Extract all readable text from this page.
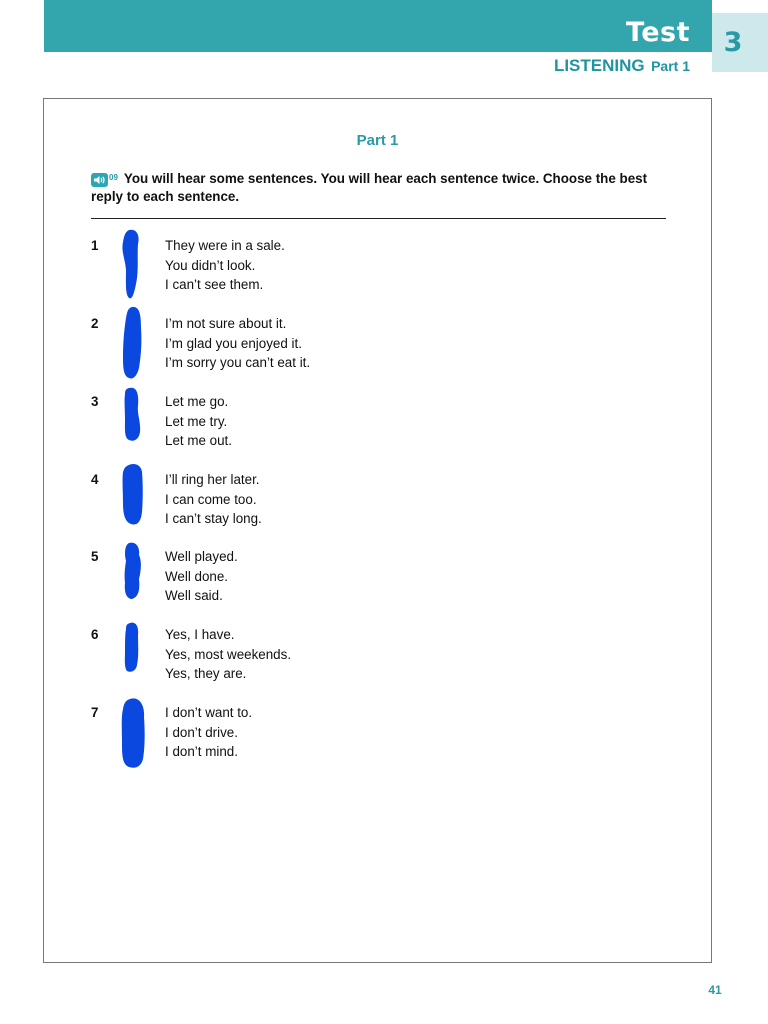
Test 3
LISTENING Part 1
Part 1
$^{09}$ You will hear some sentences. You will hear each sentence twice. Choose the best reply to each sentence.
1	They were in a sale.
You didn’t look.
I can’t see them.
2	I’m not sure about it.
I’m glad you enjoyed it.
I’m sorry you can’t eat it.
3	Let me go.
Let me try.
Let me out.
4	I’ll ring her later.
I can come too.
I can’t stay long.
5	Well played.
Well done.
Well said.
6	Yes, I have.
Yes, most weekends.
Yes, they are.
7	I don’t want to.
I don’t drive.
I don’t mind.
41
